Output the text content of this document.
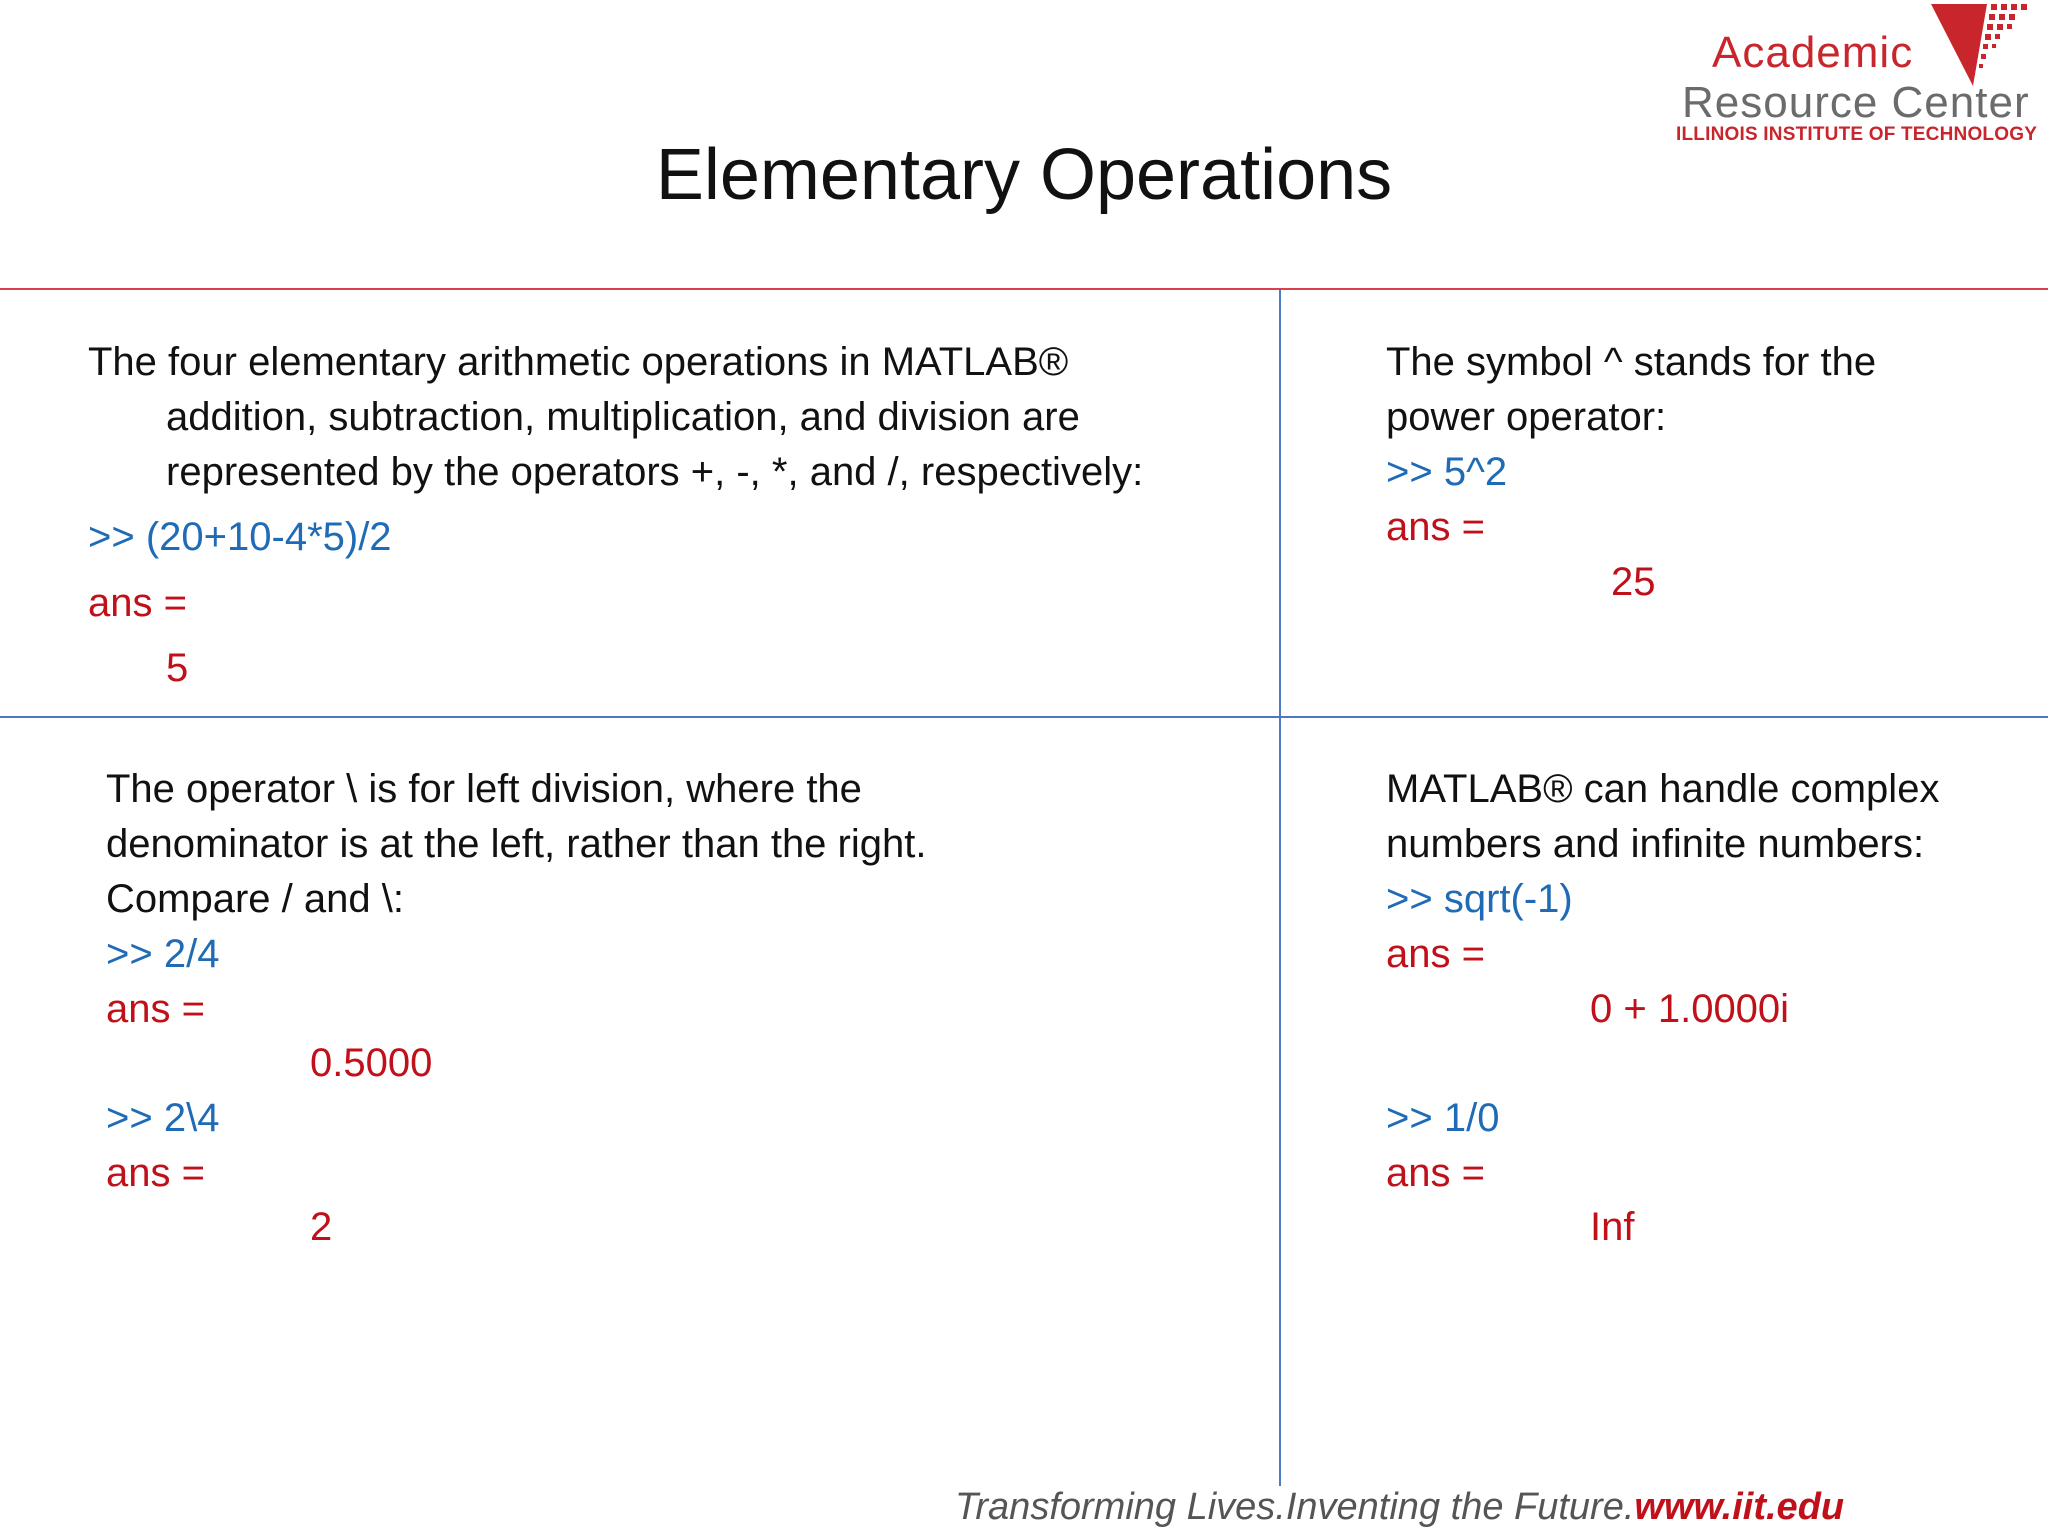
Academic
Resource Center
ILLINOIS INSTITUTE OF TECHNOLOGY
Elementary Operations
The four elementary arithmetic operations in MATLAB®
addition, subtraction, multiplication, and division are
represented by the operators +, -, *, and /, respectively:
>> (20+10-4*5)/2
ans =
5
The symbol ^ stands for the
power operator:
>> 5^2
ans =
25
The operator \ is for left division, where the
denominator is at the left, rather than the right.
Compare / and \:
>> 2/4
ans =
0.5000
>> 2\4
ans =
2
MATLAB® can handle complex
numbers and infinite numbers:
>> sqrt(-1)
ans =
0 + 1.0000i
>> 1/0
ans =
Inf
Transforming Lives.Inventing the Future.www.iit.edu
